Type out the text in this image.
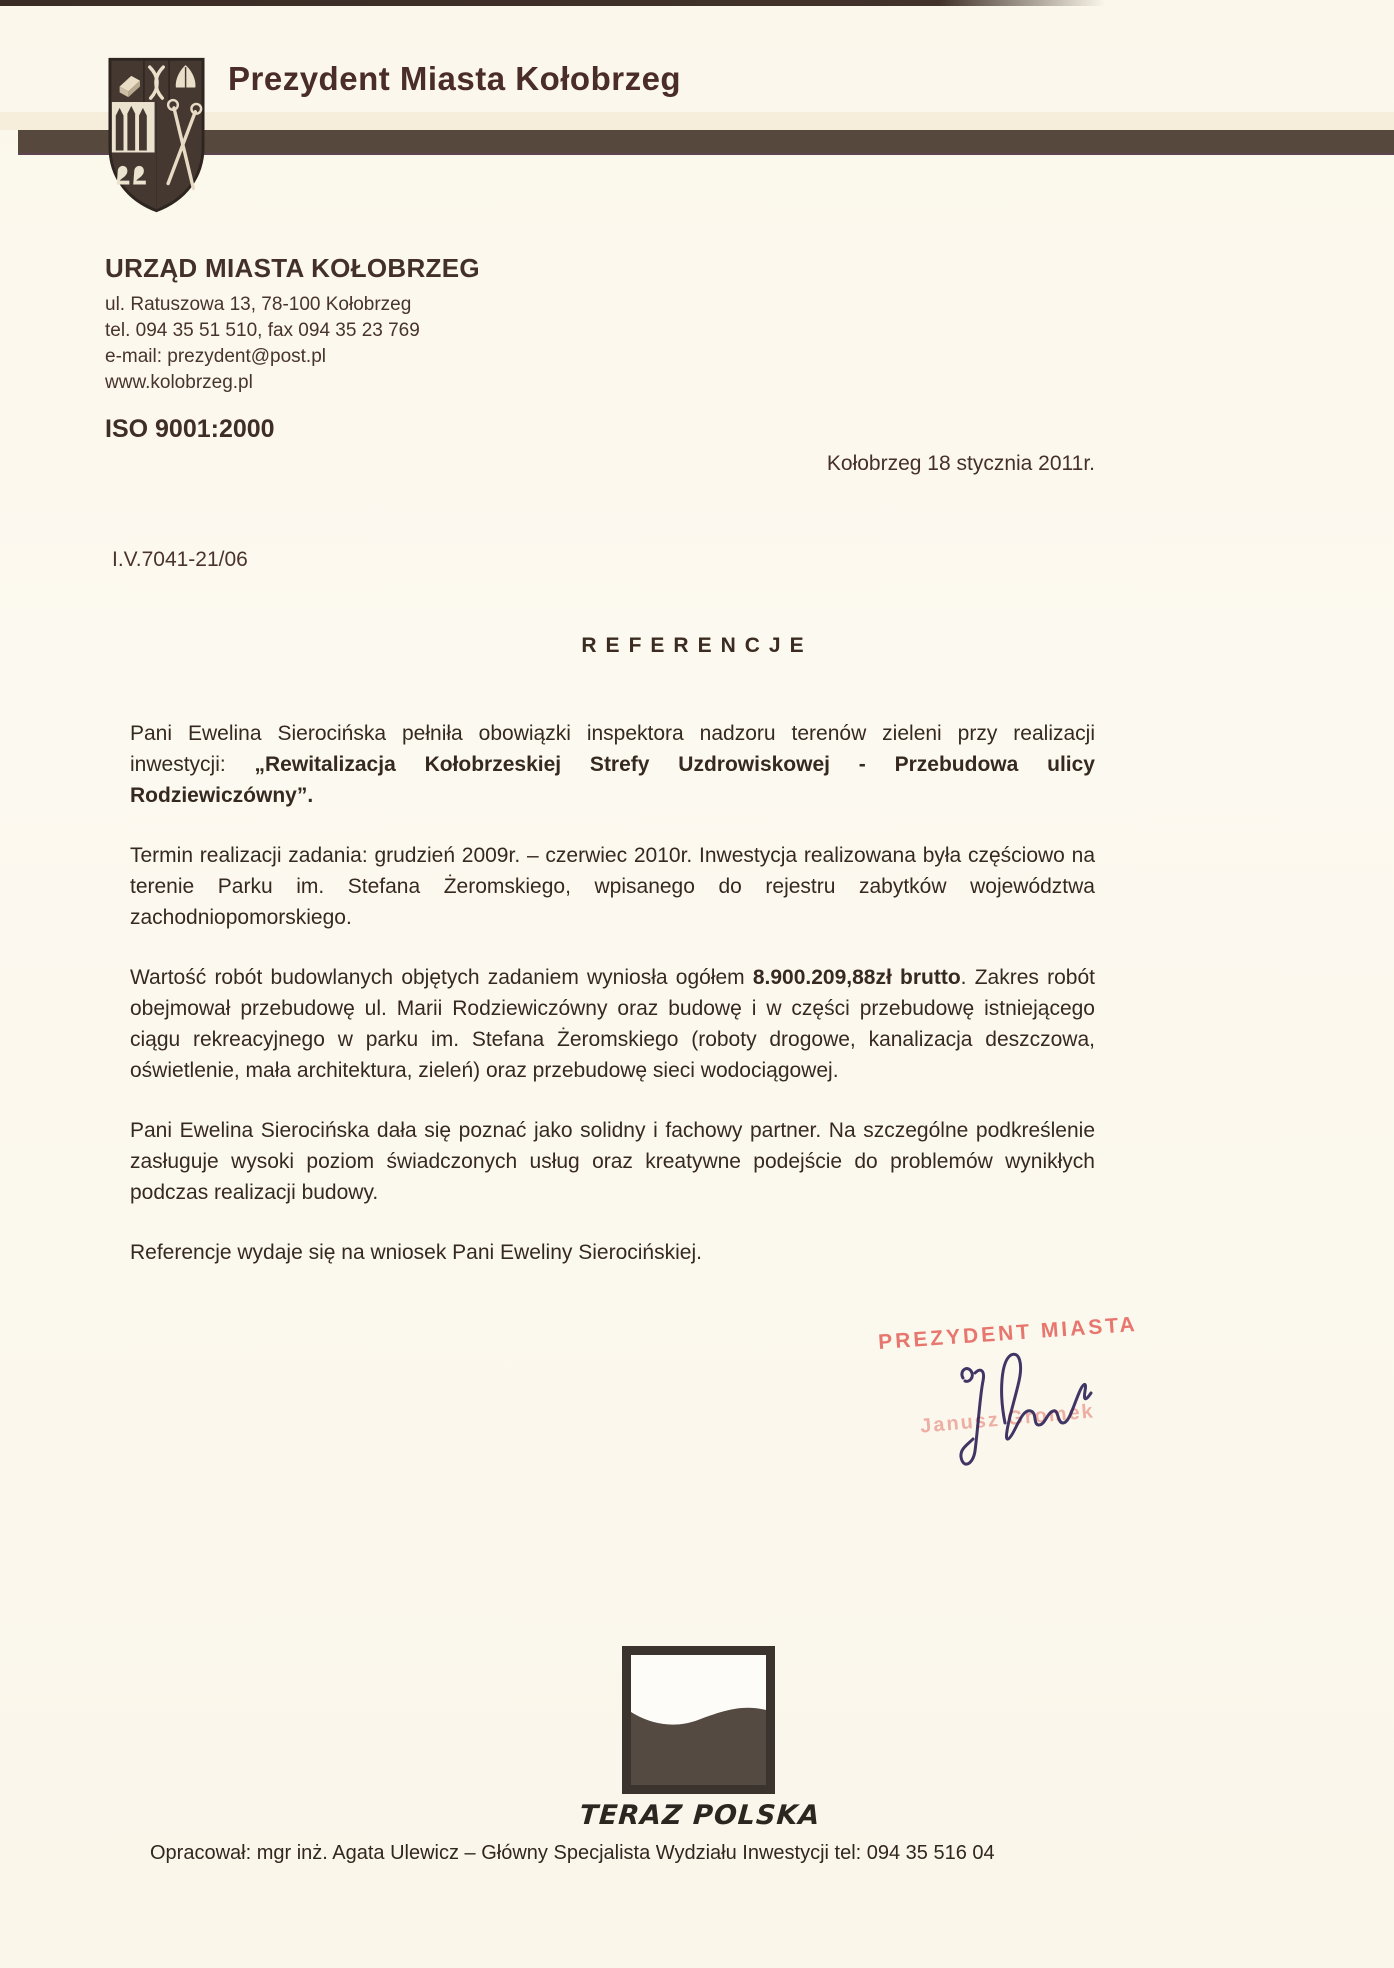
Prezydent Miasta Kołobrzeg
URZĄD MIASTA KOŁOBRZEG
ul. Ratuszowa 13, 78-100 Kołobrzeg
tel. 094 35 51 510, fax 094 35 23 769
e-mail: prezydent@post.pl
www.kolobrzeg.pl
ISO 9001:2000
Kołobrzeg 18 stycznia 2011r.
I.V.7041-21/06
REFERENCJE

Pani Ewelina Sierocińska pełniła obowiązki inspektora nadzoru terenów zieleni przy realizacji inwestycji: „Rewitalizacja Kołobrzeskiej Strefy Uzdrowiskowej - Przebudowa ulicy Rodziewiczówny”.

Termin realizacji zadania: grudzień 2009r. – czerwiec 2010r. Inwestycja realizowana była częściowo na terenie Parku im. Stefana Żeromskiego, wpisanego do rejestru zabytków województwa zachodniopomorskiego.

Wartość robót budowlanych objętych zadaniem wyniosła ogółem 8.900.209,88zł brutto. Zakres robót obejmował przebudowę ul. Marii Rodziewiczówny oraz budowę i w części przebudowę istniejącego ciągu rekreacyjnego w parku im. Stefana Żeromskiego (roboty drogowe, kanalizacja deszczowa, oświetlenie, mała architektura, zieleń) oraz przebudowę sieci wodociągowej.

Pani Ewelina Sierocińska dała się poznać jako solidny i fachowy partner. Na szczególne podkreślenie zasługuje wysoki poziom świadczonych usług oraz kreatywne podejście do problemów wynikłych podczas realizacji budowy.

Referencje wydaje się na wniosek Pani Eweliny Sierocińskiej.

PREZYDENT MIASTA
Janusz Gromek
TERAZ POLSKA
Opracował: mgr inż. Agata Ulewicz – Główny Specjalista Wydziału Inwestycji tel: 094 35 516 04
